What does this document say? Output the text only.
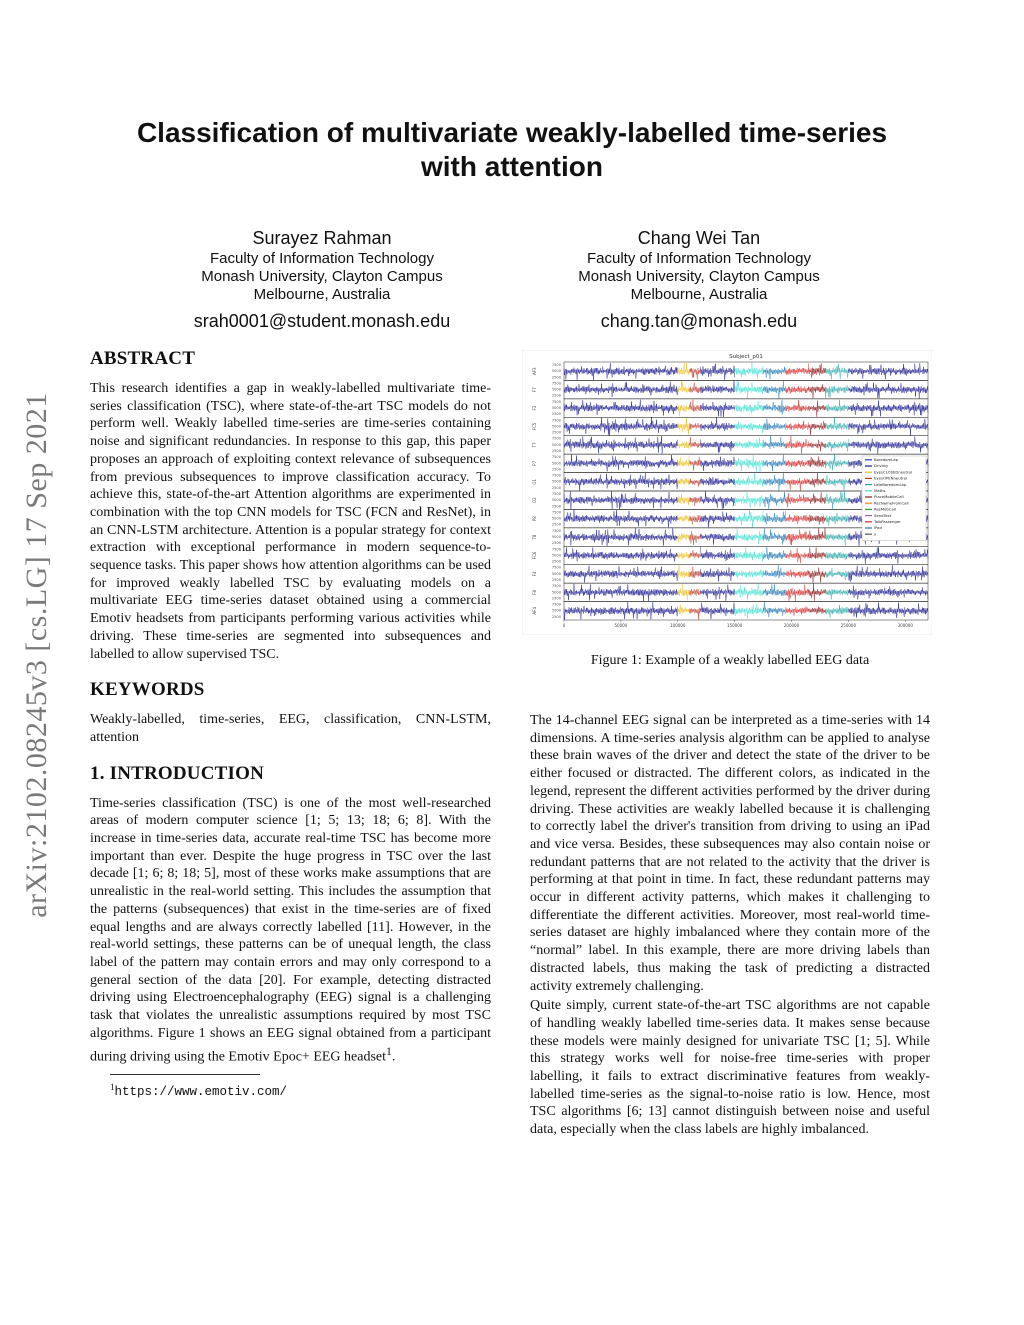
arXiv:2102.08245v3 [cs.LG] 17 Sep 2021
Classification of multivariate weakly-labelled time-series
with attention
Surayez Rahman
Faculty of Information Technology
Monash University, Clayton Campus
Melbourne, Australia
srah0001@student.monash.edu
Chang Wei Tan
Faculty of Information Technology
Monash University, Clayton Campus
Melbourne, Australia
chang.tan@monash.edu
ABSTRACT

This research identifies a gap in weakly-labelled multivariate time-series classification (TSC), where state-of-the-art TSC models do not perform well. Weakly labelled time-series are time-series containing noise and significant redundancies. In response to this gap, this paper proposes an approach of exploiting context relevance of subsequences from previous subsequences to improve classification accuracy. To achieve this, state-of-the-art Attention algorithms are experimented in combination with the top CNN models for TSC (FCN and ResNet), in an CNN-LSTM architecture. Attention is a popular strategy for context extraction with exceptional performance in modern sequence-to-sequence tasks. This paper shows how attention algorithms can be used for improved weakly labelled TSC by evaluating models on a multivariate EEG time-series dataset obtained using a commercial Emotiv headsets from participants performing various activities while driving. These time-series are segmented into subsequences and labelled to allow supervised TSC.

KEYWORDS

Weakly-labelled, time-series, EEG, classification, CNN-LSTM, attention

1. INTRODUCTION

Time-series classification (TSC) is one of the most well-researched areas of modern computer science [1; 5; 13; 18; 6; 8]. With the increase in time-series data, accurate real-time TSC has become more important than ever. Despite the huge progress in TSC over the last decade [1; 6; 8; 18; 5], most of these works make assumptions that are unrealistic in the real-world setting. This includes the assumption that the patterns (subsequences) that exist in the time-series are of fixed equal lengths and are always correctly labelled [11]. However, in the real-world settings, these patterns can be of unequal length, the class label of the pattern may contain errors and may only correspond to a general section of the data [20]. For example, detecting distracted driving using Electroencephalography (EEG) signal is a challenging task that violates the unrealistic assumptions required by most TSC algorithms. Figure 1 shows an EEG signal obtained from a participant during driving using the Emotiv Epoc+ EEG headset$^1$.

$^1$https://www.emotiv.com/
Subject_p01
AF3
7500
5000
2500
F7
7500
5000
2500
F3
7500
5000
2500
FC5
7500
5000
2500
T7
7500
5000
2500
P7
7500
5000
2500
O1
7500
5000
2500
O2
7500
5000
2500
P8
7500
5000
2500
T8
7500
5000
2500
FC6
7500
5000
2500
F4
7500
5000
2500
F8
7500
5000
2500
AF4
7500
5000
2500
0	50000	100000	150000	200000	250000	300000
BoredomLap
Driving
EyesCLOSEDneutral
EyesOPENneutral
LateBoredomLap
Maths
PlaceMobileCall
RecNameFromCall
ResMobCall
SendText
TalkPassenger
iPad
x
Figure 1: Example of a weakly labelled EEG data

The 14-channel EEG signal can be interpreted as a time-series with 14 dimensions. A time-series analysis algorithm can be applied to analyse these brain waves of the driver and detect the state of the driver to be either focused or distracted. The different colors, as indicated in the legend, represent the different activities performed by the driver during driving. These activities are weakly labelled because it is challenging to correctly label the driver's transition from driving to using an iPad and vice versa. Besides, these subsequences may also contain noise or redundant patterns that are not related to the activity that the driver is performing at that point in time. In fact, these redundant patterns may occur in different activity patterns, which makes it challenging to differentiate the different activities. Moreover, most real-world time-series dataset are highly imbalanced where they contain more of the “normal” label. In this example, there are more driving labels than distracted labels, thus making the task of predicting a distracted activity extremely challenging.

Quite simply, current state-of-the-art TSC algorithms are not capable of handling weakly labelled time-series data. It makes sense because these models were mainly designed for univariate TSC [1; 5]. While this strategy works well for noise-free time-series with proper labelling, it fails to extract discriminative features from weakly-labelled time-series as the signal-to-noise ratio is low. Hence, most TSC algorithms [6; 13] cannot distinguish between noise and useful data, especially when the class labels are highly imbalanced.
